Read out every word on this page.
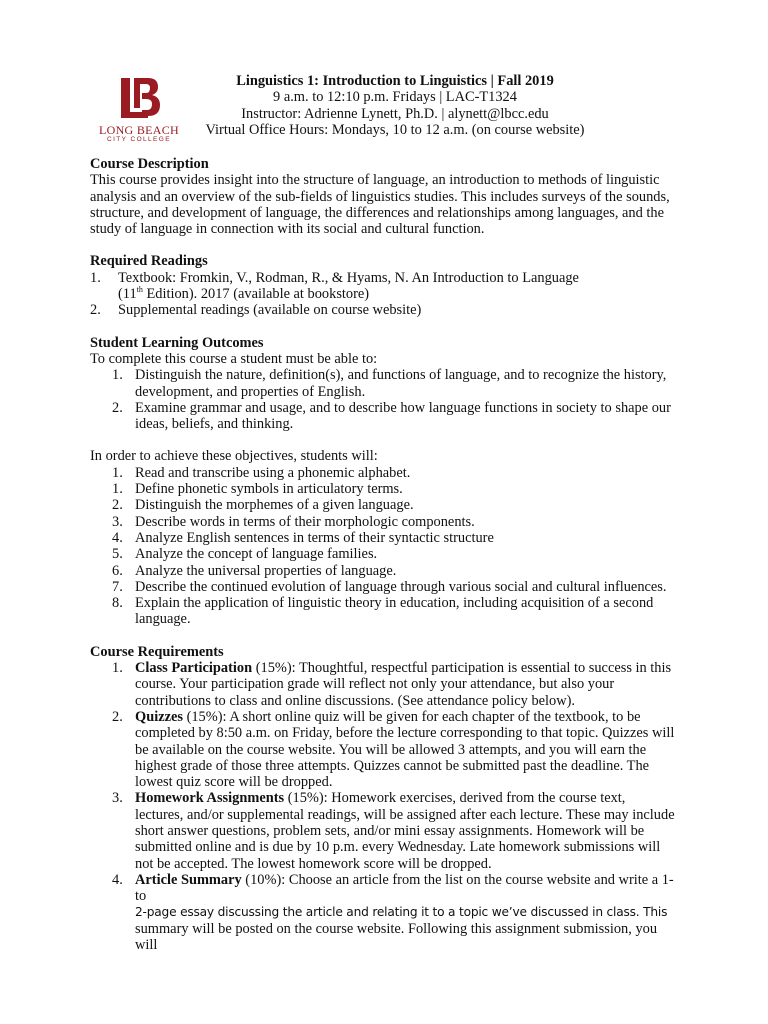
LONG BEACH
CITY COLLEGE
Linguistics 1: Introduction to Linguistics | Fall 2019
9 a.m. to 12:10 p.m. Fridays | LAC-T1324
Instructor: Adrienne Lynett, Ph.D. | alynett@lbcc.edu
Virtual Office Hours: Mondays, 10 to 12 a.m. (on course website)
Course Description

This course provides insight into the structure of language, an introduction to methods of linguistic analysis and an overview of the sub-fields of linguistics studies. This includes surveys of the sounds, structure, and development of language, the differences and relationships among languages, and the study of language in connection with its social and cultural function.

Required Readings
1. Textbook: Fromkin, V., Rodman, R., & Hyams, N. An Introduction to Language
(11th Edition). 2017 (available at bookstore)
2. Supplemental readings (available on course website)
Student Learning Outcomes

To complete this course a student must be able to:

1. Distinguish the nature, definition(s), and functions of language, and to recognize the history, development, and properties of English.
2. Examine grammar and usage, and to describe how language functions in society to shape our ideas, beliefs, and thinking.

In order to achieve these objectives, students will:

1. Read and transcribe using a phonemic alphabet.
1. Define phonetic symbols in articulatory terms.
2. Distinguish the morphemes of a given language.
3. Describe words in terms of their morphologic components.
4. Analyze English sentences in terms of their syntactic structure
5. Analyze the concept of language families.
6. Analyze the universal properties of language.
7. Describe the continued evolution of language through various social and cultural influences.
8. Explain the application of linguistic theory in education, including acquisition of a second language.
Course Requirements
1. Class Participation (15%): Thoughtful, respectful participation is essential to success in this course. Your participation grade will reflect not only your attendance, but also your contributions to class and online discussions. (See attendance policy below).
2. Quizzes (15%): A short online quiz will be given for each chapter of the textbook, to be completed by 8:50 a.m. on Friday, before the lecture corresponding to that topic. Quizzes will be available on the course website. You will be allowed 3 attempts, and you will earn the highest grade of those three attempts. Quizzes cannot be submitted past the deadline. The lowest quiz score will be dropped.
3. Homework Assignments (15%): Homework exercises, derived from the course text, lectures, and/or supplemental readings, will be assigned after each lecture. These may include short answer questions, problem sets, and/or mini essay assignments. Homework will be submitted online and is due by 10 p.m. every Wednesday. Late homework submissions will not be accepted. The lowest homework score will be dropped.
4. Article Summary (10%): Choose an article from the list on the course website and write a 1- to
2-page essay discussing the article and relating it to a topic we’ve discussed in class. This
summary will be posted on the course website. Following this assignment submission, you will
